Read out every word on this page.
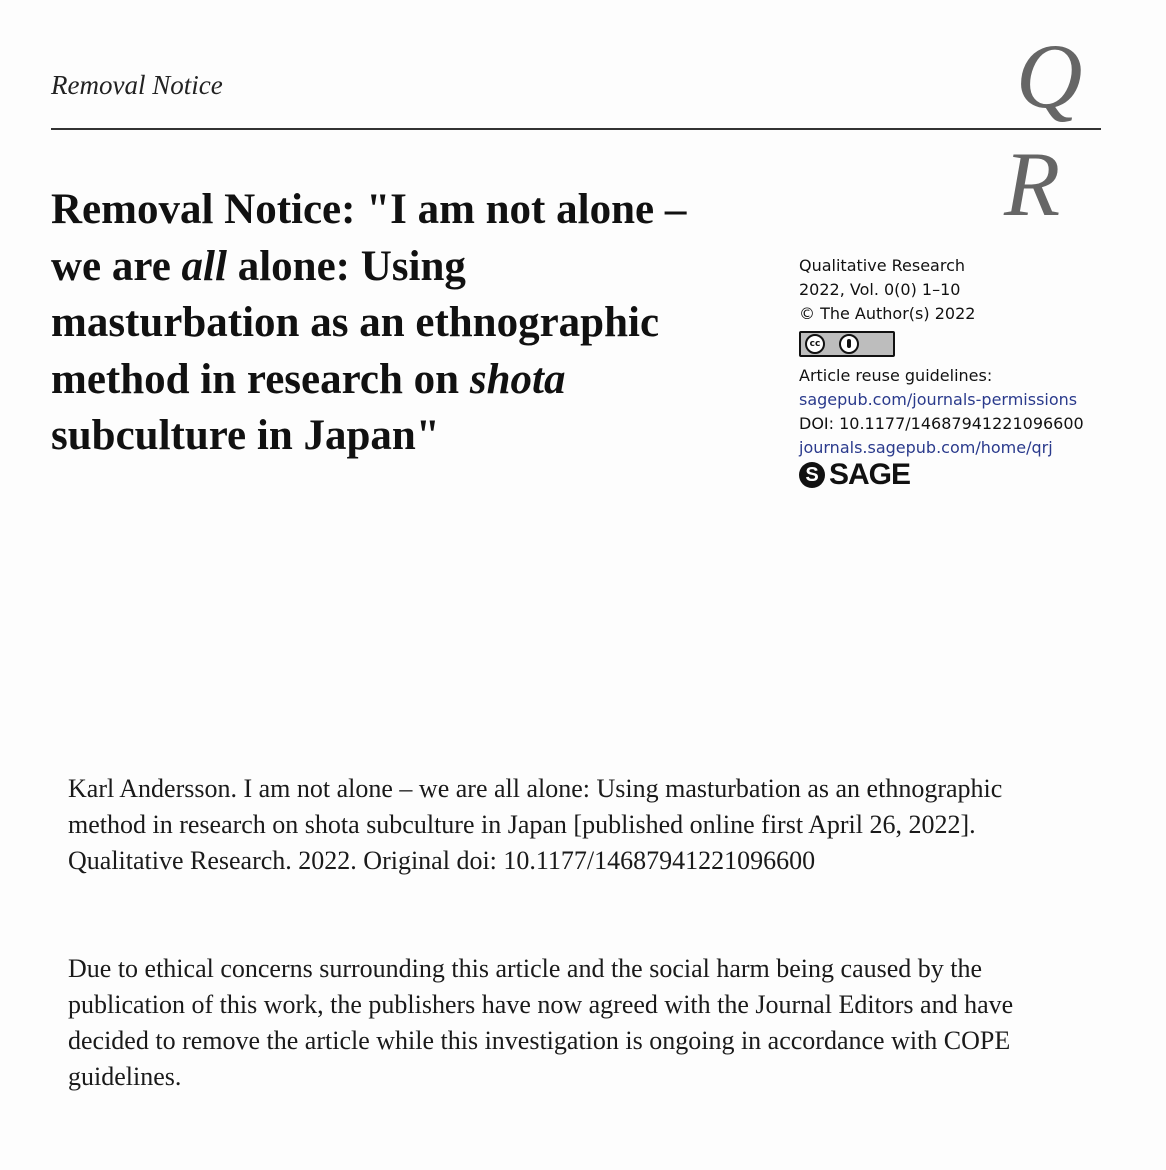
Removal Notice	Q
R
Removal Notice: "I am not alone –
we are all alone: Using
masturbation as an ethnographic
method in research on shota
subculture in Japan"
Qualitative Research
2022, Vol. 0(0) 1–10
© The Author(s) 2022
cc
Article reuse guidelines:
sagepub.com/journals-permissions
DOI: 10.1177/14687941221096600
journals.sagepub.com/home/qrj
S SAGE
Karl Andersson. I am not alone – we are all alone: Using masturbation as an ethnographic method in research on shota subculture in Japan [published online first April 26, 2022]. Qualitative Research. 2022. Original doi: 10.1177/14687941221096600
Due to ethical concerns surrounding this article and the social harm being caused by the publication of this work, the publishers have now agreed with the Journal Editors and have decided to remove the article while this investigation is ongoing in accordance with COPE guidelines.
